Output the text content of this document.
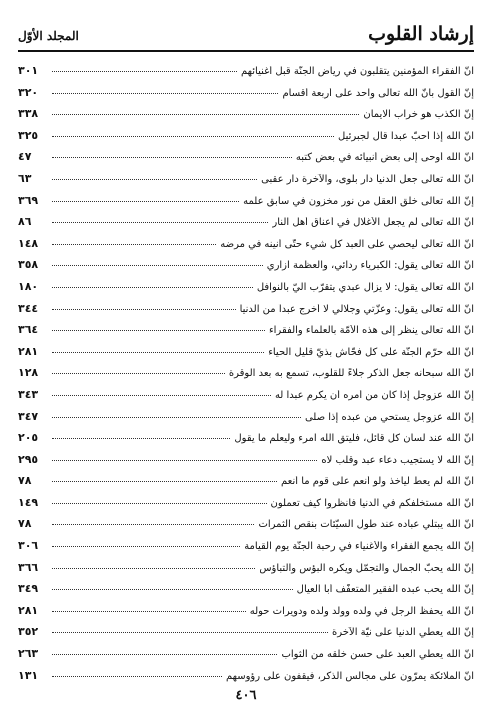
إرشاد القلوب
المجلد الأوّل
انّ الفقراء المؤمنين يتقلّبون في رياض الجنّة قبل أغنيائهم
٣٠١
إنّ القول بأنّ الله تعالى واحد على أربعة أقسام
٣٢٠
إنّ الكذب هو خراب الايمان
٣٣٨
انّ الله إذا أحبّ عبداً قال لجبرئيل
٣٢٥
انّ الله أوحى إلى بعض أنبيائه في بعض كتبه
٤٧
انّ الله تعالى جعل الدنيا دار بلوى، والآخرة دار عقبى
٦٣
إنّ الله تعالى خلق العقل من نور مخزون في سابق علمه
٣٦٩
انّ الله تعالى لم يجعل الأغلال في أعناق أهل النار
٨٦
انّ الله تعالى ليحصي على العبد كل شيء حتّى أنينه في مرضه
١٤٨
انّ الله تعالى يقول: الكبرياء ردائي، والعظمة ازاري
٣٥٨
انّ الله تعالى يقول: لا يزال عبدي يتقرّب اليّ بالنوافل
١٨٠
انّ الله تعالى يقول: وعزّتي وجلالي لا أخرج عبداً من الدنيا
٣٤٤
انّ الله تعالى ينظر إلى هذه الأمّة بالعلماء والفقراء
٣٦٤
انّ الله حرّم الجنّة على كل فحّاش بذيّ قليل الحياء
٢٨١
انّ الله سبحانه جعل الذكر جلاءً للقلوب، تسمع به بعد الوقرة
١٢٨
إنّ الله عزوجل إذا كان من أمره أن يكرم عبداً له
٣٤٣
إنّ الله عزوجل يستحي من عبده إذا صلّى
٣٤٧
انّ الله عند لسان كل قائل، فليتق الله امرء وليعلم ما يقول
٢٠٥
إنّ الله لا يستجيب دعاء عبد وقلب لاه
٢٩٥
انّ الله لم يعط ليأخذ ولو أنعم على قوم ما أنعم
٧٨
انّ الله مستخلفكم في الدنيا فانظروا كيف تعملون
١٤٩
انّ الله يبتلي عباده عند طول السيّئات بنقص الثمرات
٧٨
إنّ الله يجمع الفقراء والأغنياء في رحبة الجنّة يوم القيامة
٣٠٦
إنّ الله يحبّ الجمال والتجمّل ويكره البؤس والتباؤس
٣٦٦
إنّ الله يحب عبده الفقير المتعفّف أبا العيال
٣٤٩
انّ الله يحفظ الرجل في ولده وولد ولده ودويرات حوله
٢٨١
إنّ الله يعطي الدنيا على نيّة الآخرة
٣٥٢
انّ الله يعطي العبد على حسن خلقه من الثواب
٢٦٣
انّ الملائكة يمرّون على مجالس الذكر، فيقفون على رؤوسهم
١٣١
٤٠٦
